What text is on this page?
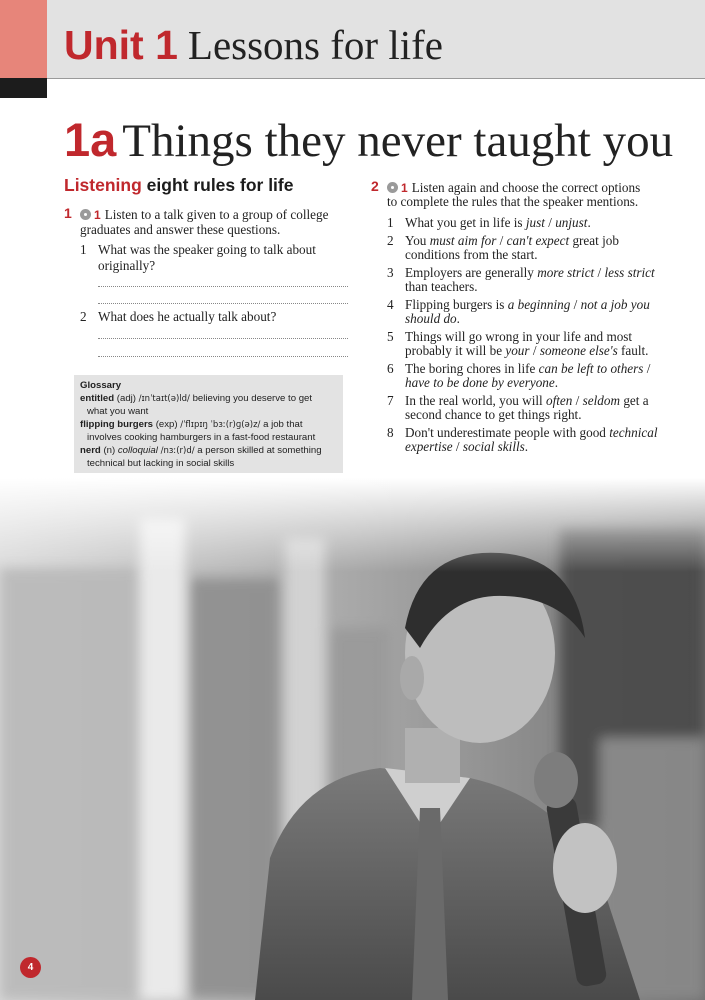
Unit 1 Lessons for life
1a Things they never taught you
Listening eight rules for life
1	1 Listen to a talk given to a group of college
graduates and answer these questions.
1 What was the speaker going to talk about
originally?
2 What does he actually talk about?
Glossary
entitled (adj) /ɪnˈtaɪt(ə)ld/ believing you deserve to get
what you want
flipping burgers (exp) /ˈflɪpɪŋ ˈbɜː(r)ɡ(ə)z/ a job that
involves cooking hamburgers in a fast-food restaurant
nerd (n) colloquial /nɜː(r)d/ a person skilled at something
technical but lacking in social skills
2	1 Listen again and choose the correct options
to complete the rules that the speaker mentions.
1 What you get in life is just / unjust.
2 You must aim for / can't expect great job
conditions from the start.
3 Employers are generally more strict / less strict
than teachers.
4 Flipping burgers is a beginning / not a job you
should do.
5 Things will go wrong in your life and most
probably it will be your / someone else's fault.
6 The boring chores in life can be left to others /
have to be done by everyone.
7 In the real world, you will often / seldom get a
second chance to get things right.
8 Don't underestimate people with good technical
expertise / social skills.
4
